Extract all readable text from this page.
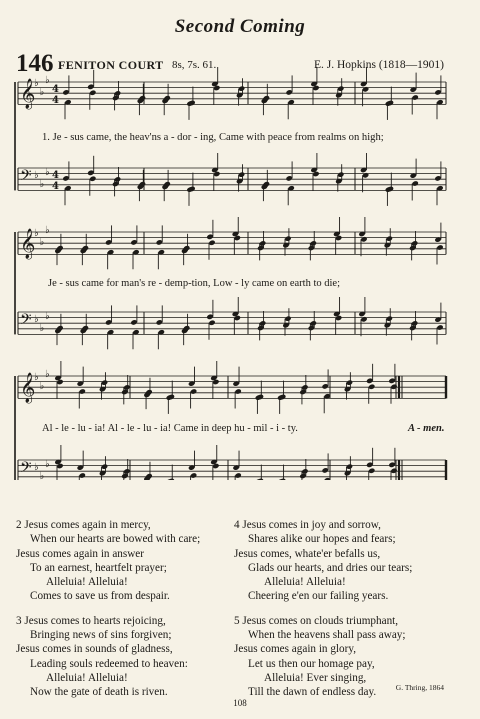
Second Coming
146 FENITON COURT 8s, 7s. 61.	E. J. Hopkins (1818—1901)
𝄞
♭
♭
♭
4
4
𝄢 ♭
♭
♭ 4
4
𝄞
♭
♭
♭
𝄢 ♭
♭
♭
𝄞
♭
♭
♭
𝄢 ♭
♭
♭
1. Je - sus came, the heav'ns a - dor - ing, Came with peace from realms on high;
Je - sus came for man's re - demp-tion, Low - ly came on earth to die;
Al - le - lu - ia! Al - le - lu - ia! Came in deep hu - mil - i - ty.	A - men.
2 Jesus comes again in mercy,
When our hearts are bowed with care;
Jesus comes again in answer
To an earnest, heartfelt prayer;
Alleluia! Alleluia!
Comes to save us from despair.
3 Jesus comes to hearts rejoicing,
Bringing news of sins forgiven;
Jesus comes in sounds of gladness,
Leading souls redeemed to heaven:
Alleluia! Alleluia!
Now the gate of death is riven.
4 Jesus comes in joy and sorrow,
Shares alike our hopes and fears;
Jesus comes, whate'er befalls us,
Glads our hearts, and dries our tears;
Alleluia! Alleluia!
Cheering e'en our failing years.
5 Jesus comes on clouds triumphant,
When the heavens shall pass away;
Jesus comes again in glory,
Let us then our homage pay,
Alleluia! Ever singing,
Till the dawn of endless day.	G. Thring, 1864
108
